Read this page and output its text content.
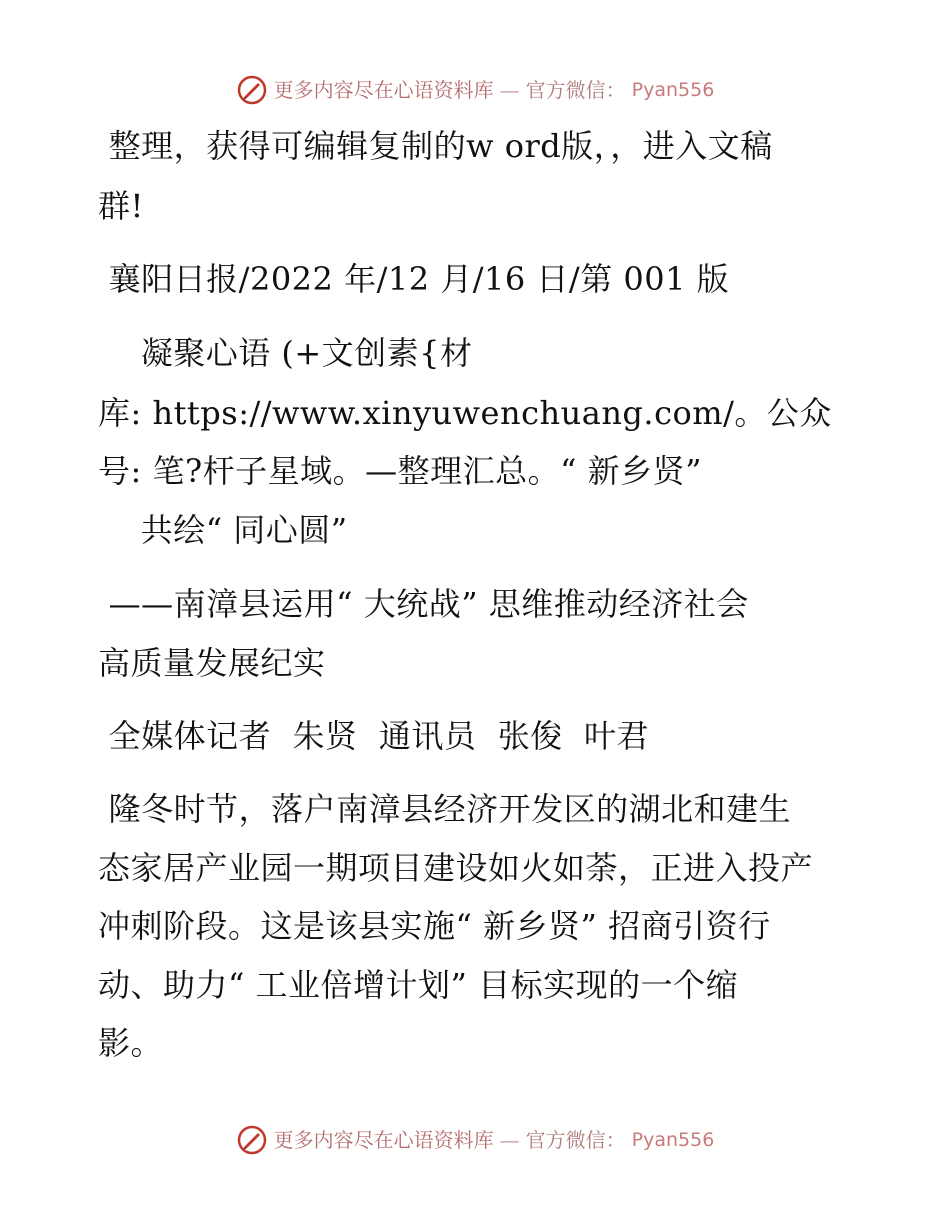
更多内容尽在心语资料库 — 官方微信： Pyan556
整理，获得可编辑复制的w ord版，，进入文稿
群!
襄阳日报/2022 年/12 月/16 日/第 001 版
凝聚心语 (+文创素{材
库: https://www.xinyuwenchuang.com/。公众
号: 笔?杆子星域。—整理汇总。“ 新乡贤”
共绘“ 同心圆”
——南漳县运用“ 大统战” 思维推动经济社会
高质量发展纪实
全媒体记者  朱贤  通讯员  张俊  叶君
隆冬时节，落户南漳县经济开发区的湖北和建生
态家居产业园一期项目建设如火如荼，正进入投产
冲刺阶段。这是该县实施“ 新乡贤” 招商引资行
动、助力“ 工业倍增计划” 目标实现的一个缩
影。
更多内容尽在心语资料库 — 官方微信： Pyan556
